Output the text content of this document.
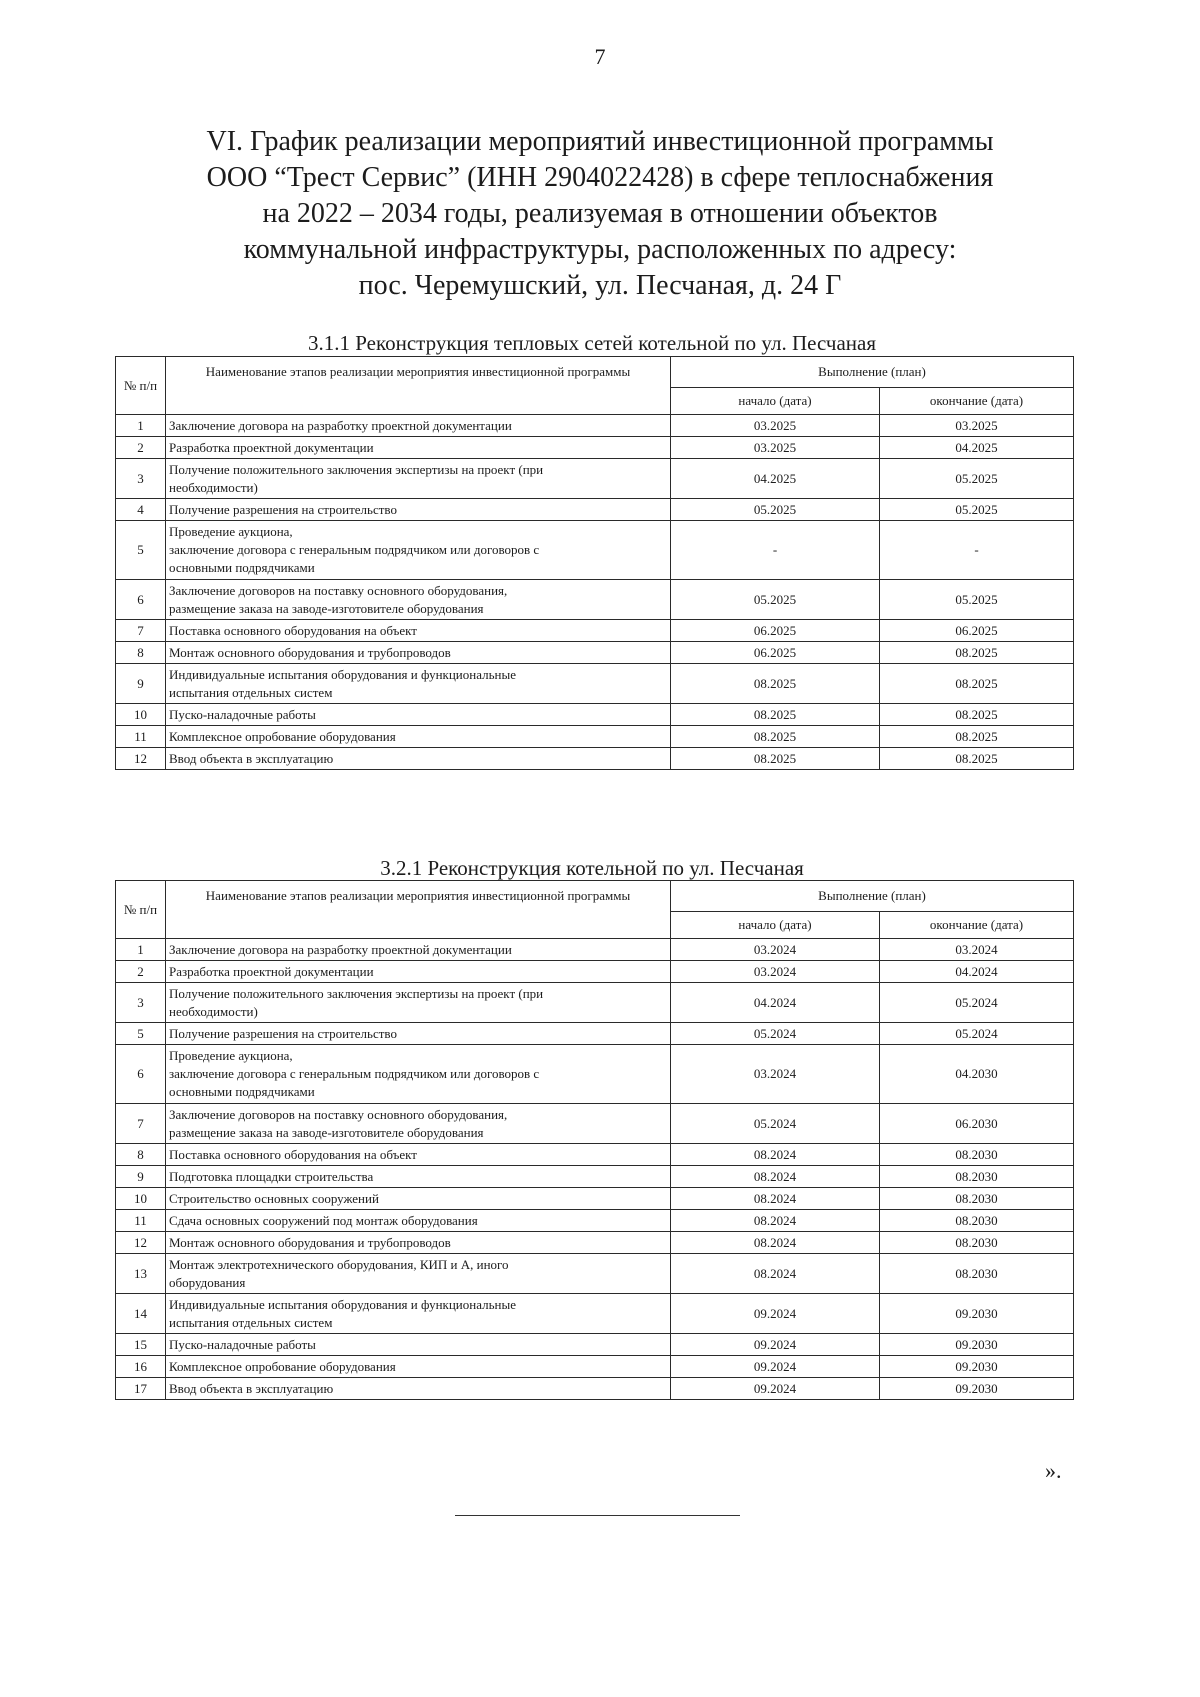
7
VI. График реализации мероприятий инвестиционной программы
ООО “Трест Сервис” (ИНН 2904022428) в сфере теплоснабжения
на 2022 – 2034 годы, реализуемая в отношении объектов
коммунальной инфраструктуры, расположенных по адресу:
пос. Черемушский, ул. Песчаная, д. 24 Г
3.1.1 Реконструкция тепловых сетей котельной по ул. Песчаная
№ п/п	Наименование этапов реализации мероприятия инвестиционной программы	Выполнение (план)	
		начало (дата)	окончание (дата)
1	Заключение договора на разработку проектной документации	03.2025	03.2025
2	Разработка проектной документации	03.2025	04.2025
3	Получение положительного заключения экспертизы на проект (при
необходимости)	04.2025	05.2025
4	Получение разрешения на строительство	05.2025	05.2025
5	Проведение аукциона,
заключение договора с генеральным подрядчиком или договоров с
основными подрядчиками	-	-
6	Заключение договоров на поставку основного оборудования,
размещение заказа на заводе-изготовителе оборудования	05.2025	05.2025
7	Поставка основного оборудования на объект	06.2025	06.2025
8	Монтаж основного оборудования и трубопроводов	06.2025	08.2025
9	Индивидуальные испытания оборудования и функциональные
испытания отдельных систем	08.2025	08.2025
10	Пуско-наладочные работы	08.2025	08.2025
11	Комплексное опробование оборудования	08.2025	08.2025
12	Ввод объекта в эксплуатацию	08.2025	08.2025
3.2.1 Реконструкция котельной по ул. Песчаная
№ п/п	Наименование этапов реализации мероприятия инвестиционной программы	Выполнение (план)	
		начало (дата)	окончание (дата)
1	Заключение договора на разработку проектной документации	03.2024	03.2024
2	Разработка проектной документации	03.2024	04.2024
3	Получение положительного заключения экспертизы на проект (при
необходимости)	04.2024	05.2024
5	Получение разрешения на строительство	05.2024	05.2024
6	Проведение аукциона,
заключение договора с генеральным подрядчиком или договоров с
основными подрядчиками	03.2024	04.2030
7	Заключение договоров на поставку основного оборудования,
размещение заказа на заводе-изготовителе оборудования	05.2024	06.2030
8	Поставка основного оборудования на объект	08.2024	08.2030
9	Подготовка площадки строительства	08.2024	08.2030
10	Строительство основных сооружений	08.2024	08.2030
11	Сдача основных сооружений под монтаж оборудования	08.2024	08.2030
12	Монтаж основного оборудования и трубопроводов	08.2024	08.2030
13	Монтаж электротехнического оборудования, КИП и А, иного
оборудования	08.2024	08.2030
14	Индивидуальные испытания оборудования и функциональные
испытания отдельных систем	09.2024	09.2030
15	Пуско-наладочные работы	09.2024	09.2030
16	Комплексное опробование оборудования	09.2024	09.2030
17	Ввод объекта в эксплуатацию	09.2024	09.2030
».
